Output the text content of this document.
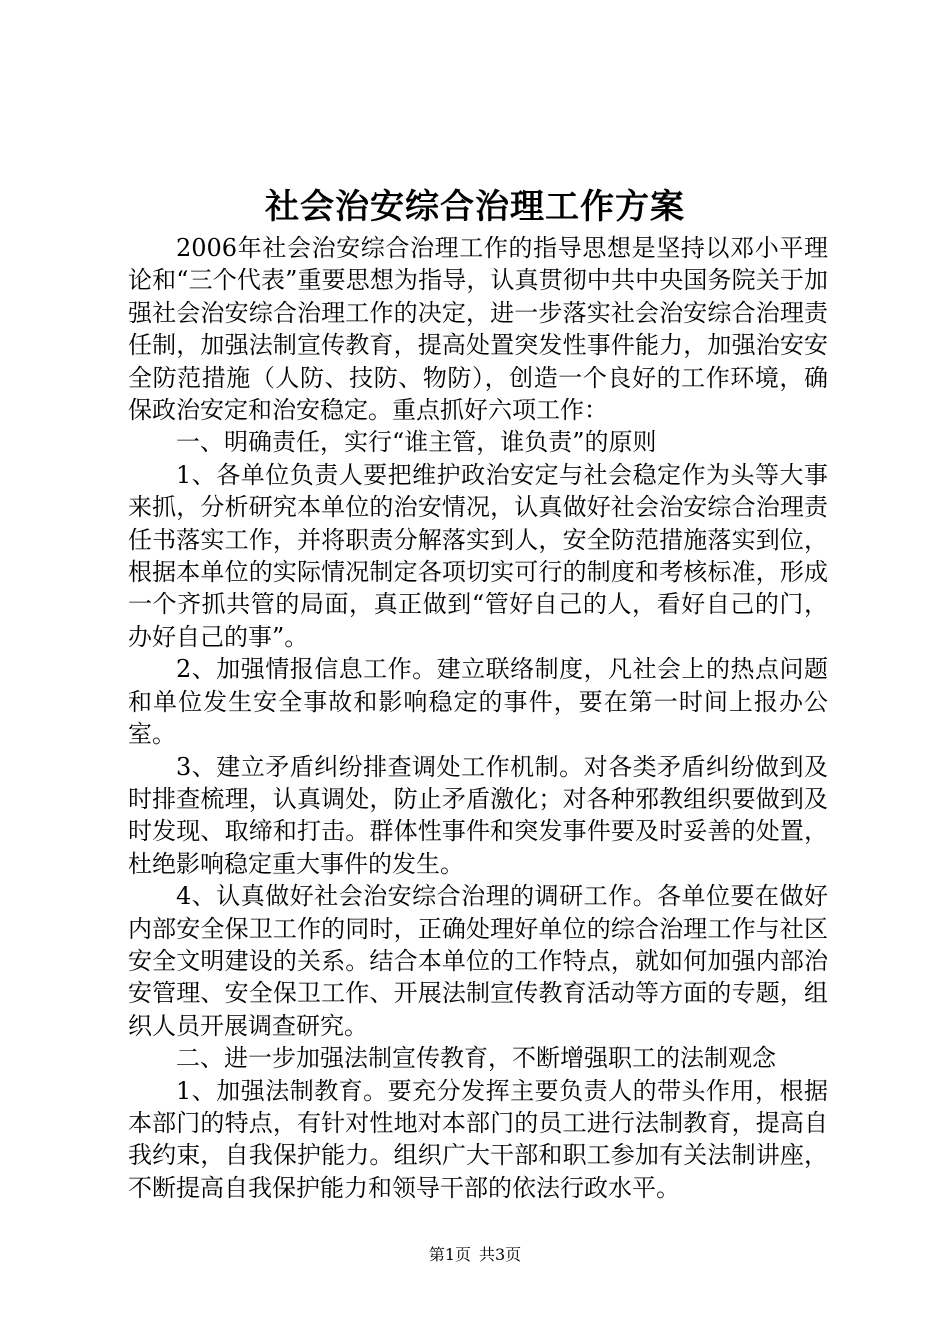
社会治安综合治理工作方案

2006年社会治安综合治理工作的指导思想是坚持以邓小平理论和“三个代表”重要思想为指导，认真贯彻中共中央国务院关于加强社会治安综合治理工作的决定，进一步落实社会治安综合治理责任制，加强法制宣传教育，提高处置突发性事件能力，加强治安安全防范措施（人防、技防、物防），创造一个良好的工作环境，确保政治安定和治安稳定。重点抓好六项工作：

一、明确责任，实行“谁主管，谁负责”的原则

1、各单位负责人要把维护政治安定与社会稳定作为头等大事来抓，分析研究本单位的治安情况，认真做好社会治安综合治理责任书落实工作，并将职责分解落实到人，安全防范措施落实到位，根据本单位的实际情况制定各项切实可行的制度和考核标准，形成一个齐抓共管的局面，真正做到“管好自己的人，看好自己的门，办好自己的事”。

2、加强情报信息工作。建立联络制度，凡社会上的热点问题和单位发生安全事故和影响稳定的事件，要在第一时间上报办公室。

3、建立矛盾纠纷排查调处工作机制。对各类矛盾纠纷做到及时排查梳理，认真调处，防止矛盾激化；对各种邪教组织要做到及时发现、取缔和打击。群体性事件和突发事件要及时妥善的处置，杜绝影响稳定重大事件的发生。

4、认真做好社会治安综合治理的调研工作。各单位要在做好内部安全保卫工作的同时，正确处理好单位的综合治理工作与社区安全文明建设的关系。结合本单位的工作特点，就如何加强内部治安管理、安全保卫工作、开展法制宣传教育活动等方面的专题，组织人员开展调查研究。

二、进一步加强法制宣传教育，不断增强职工的法制观念

1、加强法制教育。要充分发挥主要负责人的带头作用，根据本部门的特点，有针对性地对本部门的员工进行法制教育，提高自我约束，自我保护能力。组织广大干部和职工参加有关法制讲座，不断提高自我保护能力和领导干部的依法行政水平。

第1页 共3页
